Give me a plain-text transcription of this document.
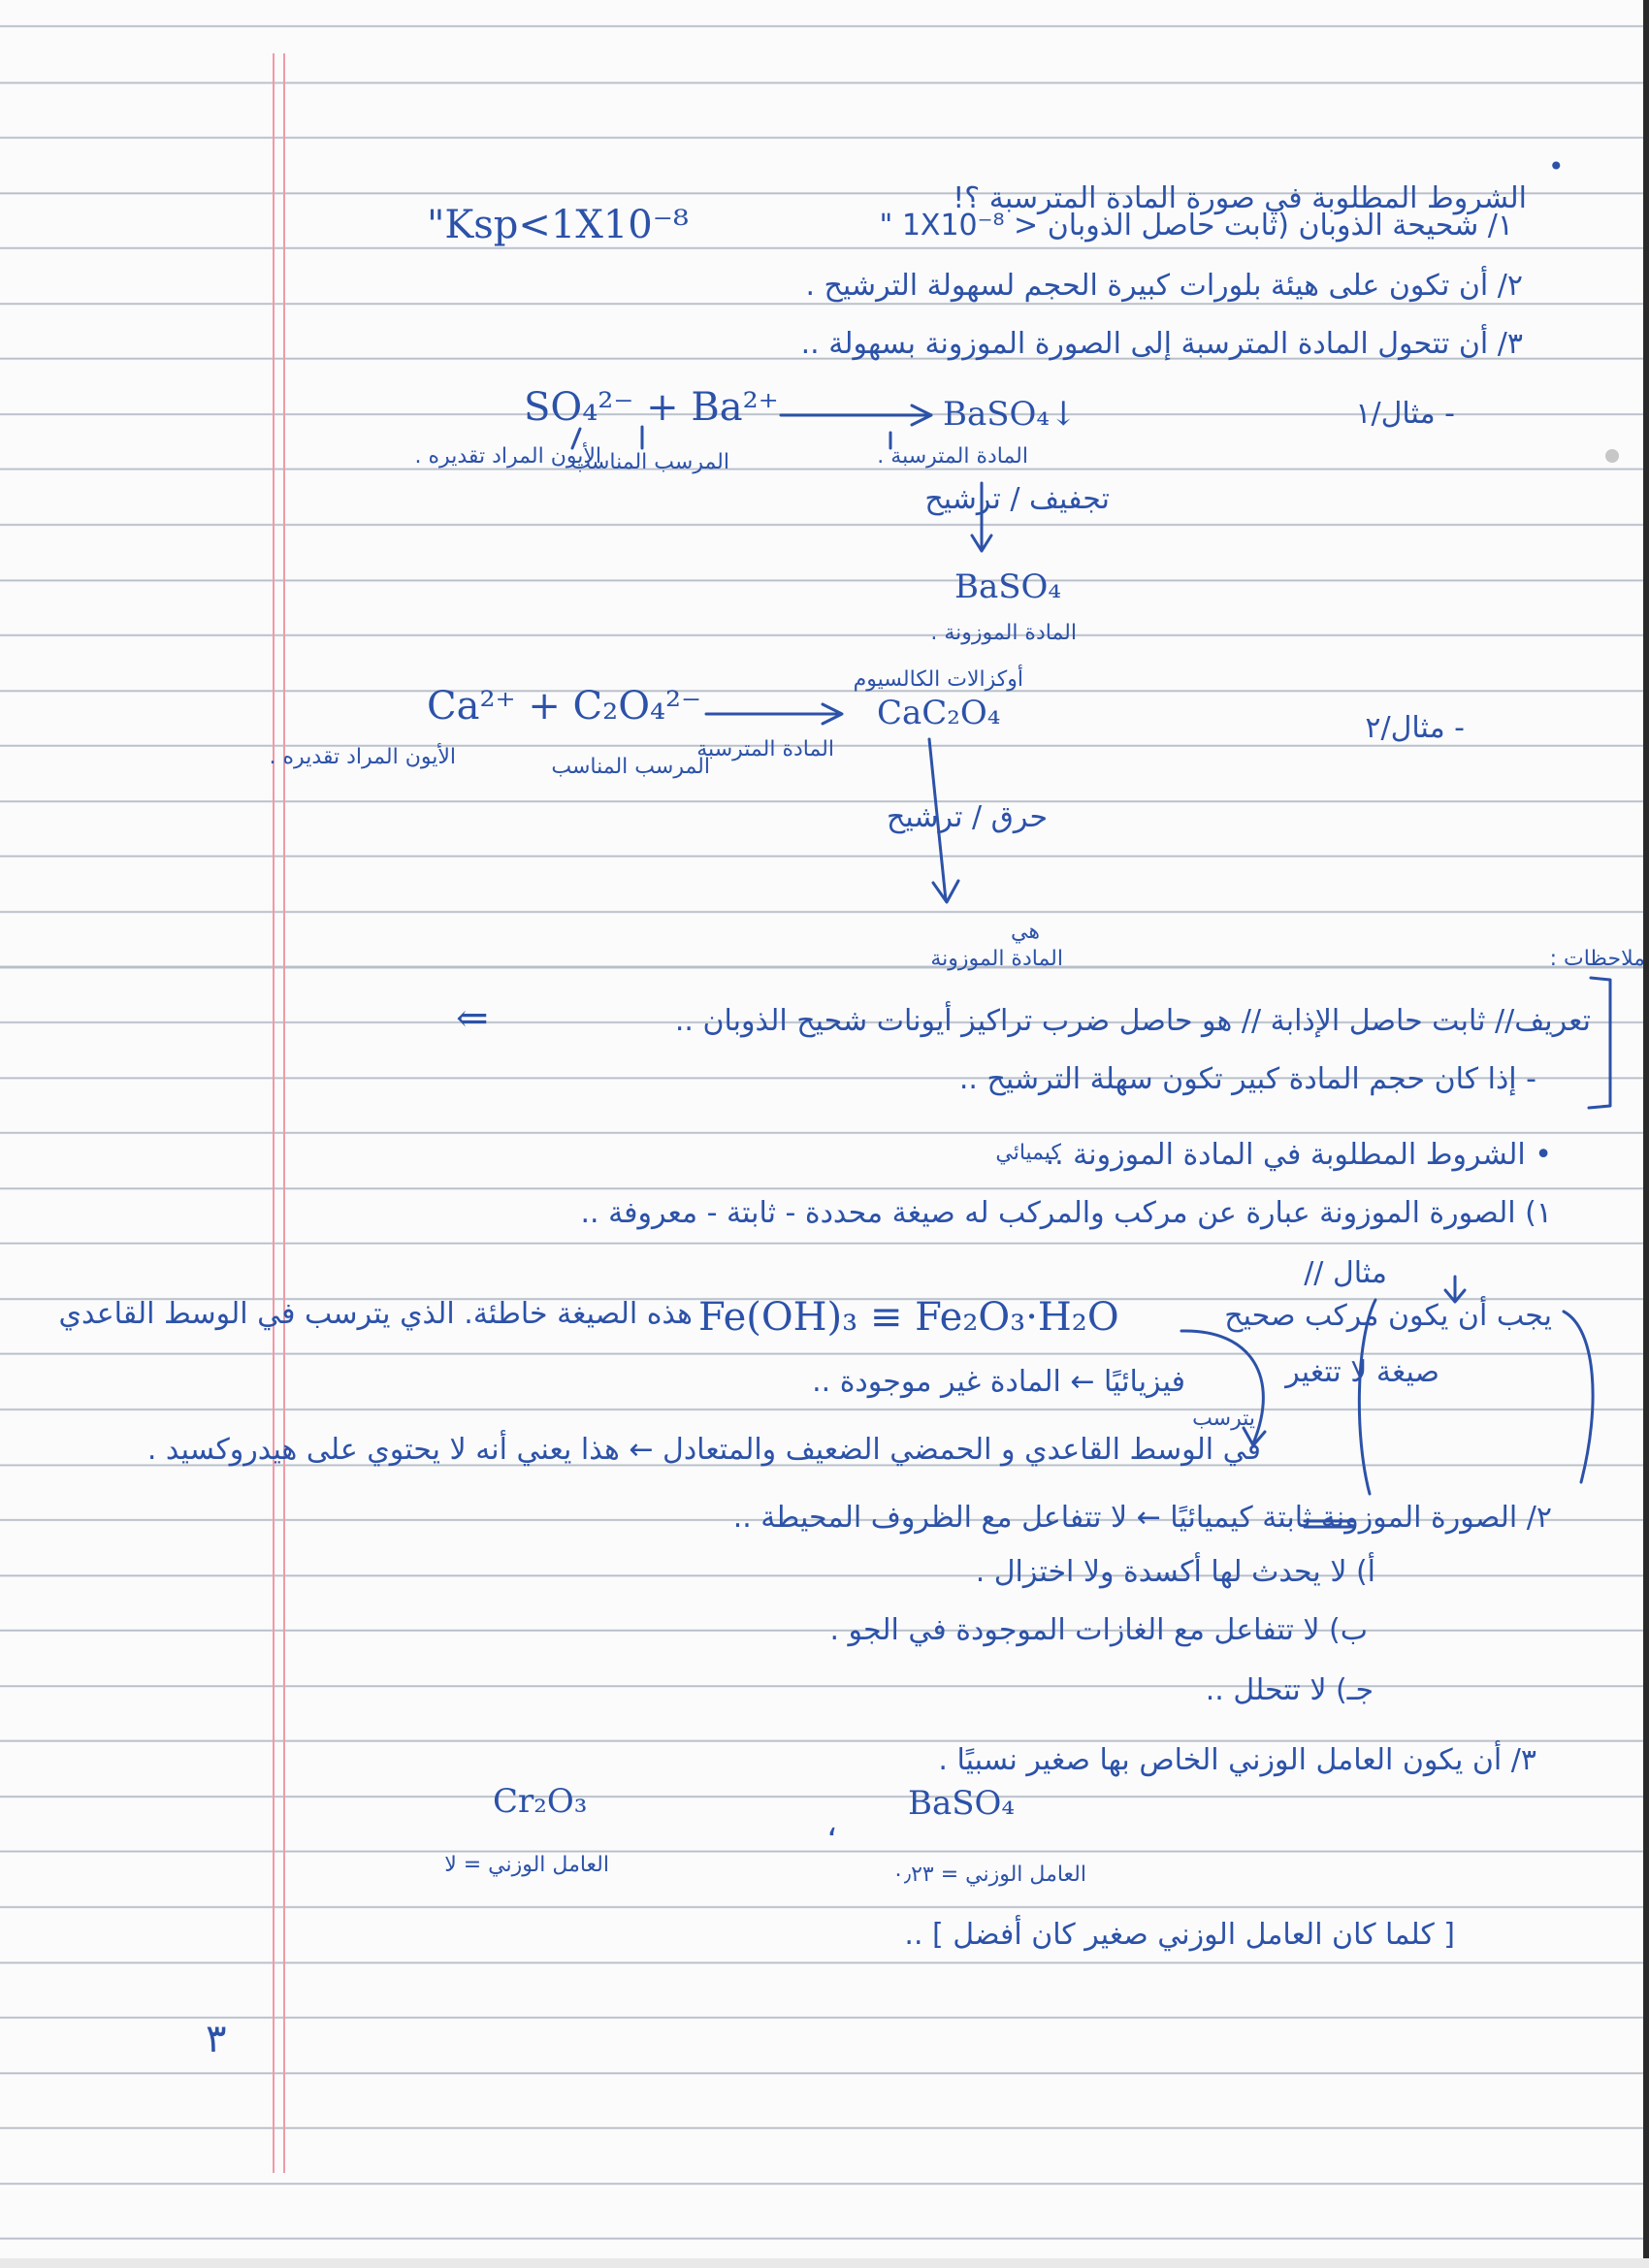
•
الشروط المطلوبة في صورة المادة المترسبة ؟!
١/ شحيحة الذوبان (ثابت حاصل الذوبان < 1X10⁻⁸ "
"Ksp<1X10⁻⁸
٢/ أن تكون على هيئة بلورات كبيرة الحجم لسهولة الترشيح .
٣/ أن تتحول المادة المترسبة إلى الصورة الموزونة بسهولة ..
- مثال/١
SO₄²⁻ + Ba²⁺	BaSO₄↓
الأيون المراد تقديره .
المرسب المناسب	المادة المترسبة .
تجفيف / ترشيح
BaSO₄
المادة الموزونة .
أوكزالات الكالسيوم
- مثال/٢
Ca²⁺ + C₂O₄²⁻	CaC₂O₄
الأيون المراد تقديره .	المرسب المناسب
المادة المترسبة
حرق / ترشيح
هي
المادة الموزونة	ملاحظات :
تعريف// ثابت حاصل الإذابة // هو حاصل ضرب تراكيز أيونات شحيح الذوبان ..
⇐
- إذا كان حجم المادة كبير تكون سهلة الترشيح ..
كيميائي
• الشروط المطلوبة في المادة الموزونة ..
١) الصورة الموزونة عبارة عن مركب والمركب له صيغة محددة - ثابتة - معروفة ..
مثال //
يجب أن يكون مركب صحيح
صيغة لا تتغير
Fe(OH)₃ ≡ Fe₂O₃·H₂O
هذه الصيغة خاطئة. الذي يترسب في الوسط القاعدي
فيزيائيًا ← المادة غير موجودة ..
يترسب
في الوسط القاعدي و الحمضي الضعيف والمتعادل ← هذا يعني أنه لا يحتوي على هيدروكسيد .
٢/ الصورة الموزونة ثابتة كيميائيًا ← لا تتفاعل مع الظروف المحيطة ..
أ) لا يحدث لها أكسدة ولا اختزال .
ب) لا تتفاعل مع الغازات الموجودة في الجو .
جـ) لا تتحلل ..
٣/ أن يكون العامل الوزني الخاص بها صغير نسبيًا .
Cr₂O₃
،
BaSO₄
العامل الوزني = لا	العامل الوزني = ٠٫٢٣
[ كلما كان العامل الوزني صغير كان أفضل ] ..
٣
